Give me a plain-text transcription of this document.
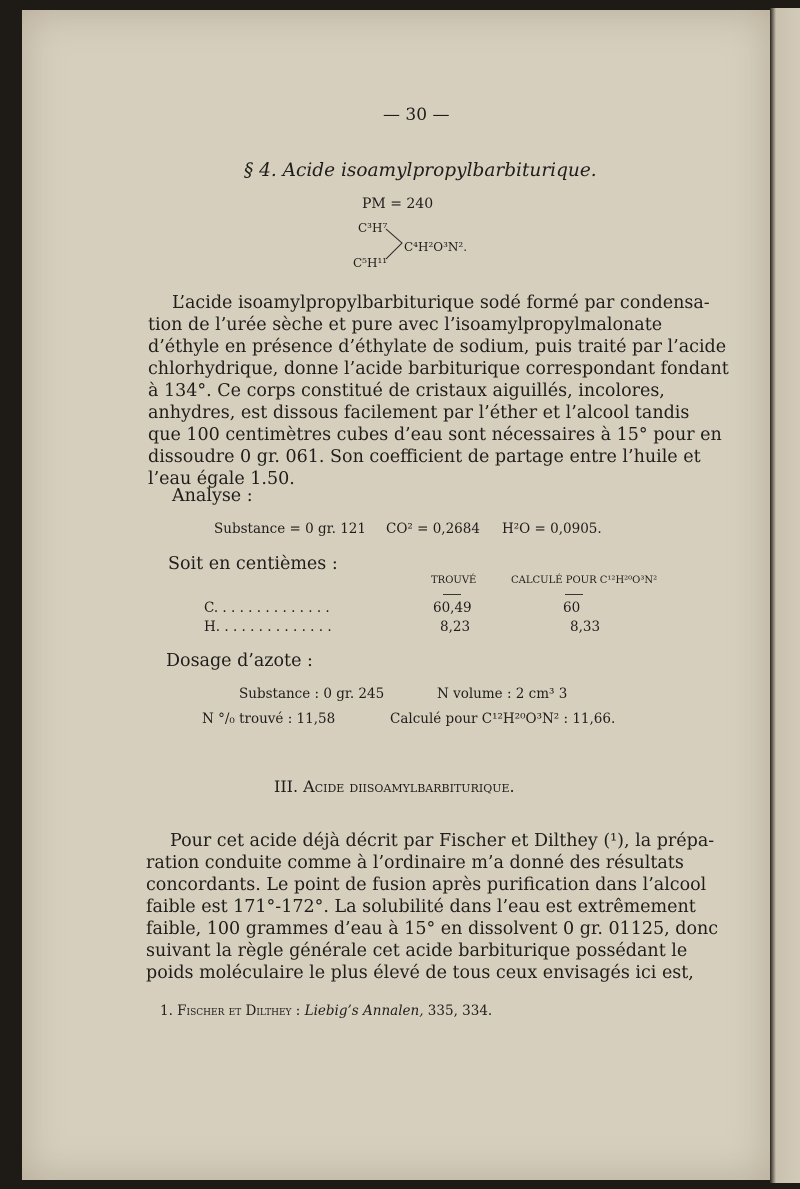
— 30 —
§ 4. Acide isoamylpropylbarbiturique.
PM = 240
C³H⁷
C⁵H¹¹
C⁴H²O³N².
L’acide isoamylpropylbarbiturique sodé formé par condensa-
tion de l’urée sèche et pure avec l’isoamylpropylmalonate
d’éthyle en présence d’éthylate de sodium, puis traité par l’acide
chlorhydrique, donne l’acide barbiturique correspondant fondant
à 134°. Ce corps constitué de cristaux aiguillés, incolores,
anhydres, est dissous facilement par l’éther et l’alcool tandis
que 100 centimètres cubes d’eau sont nécessaires à 15° pour en
dissoudre 0 gr. 061. Son coefficient de partage entre l’huile et
l’eau égale 1.50.
Analyse :
Substance = 0 gr. 121 CO² = 0,2684 H²O = 0,0905.
Soit en centièmes :
TROUVÉ	CALCULÉ POUR C¹²H²⁰O³N²
C. . . . . . . . . . . . . .	60,49	60
H. . . . . . . . . . . . . .	8,23	8,33
Dosage d’azote :
Substance : 0 gr. 245	N volume : 2 cm³ 3
N °/₀ trouvé : 11,58	Calculé pour C¹²H²⁰O³N² : 11,66.
III. Acide diisoamylbarbiturique.
Pour cet acide déjà décrit par Fischer et Dilthey (¹), la prépa-
ration conduite comme à l’ordinaire m’a donné des résultats
concordants. Le point de fusion après purification dans l’alcool
faible est 171°-172°. La solubilité dans l’eau est extrêmement
faible, 100 grammes d’eau à 15° en dissolvent 0 gr. 01125, donc
suivant la règle générale cet acide barbiturique possédant le
poids moléculaire le plus élevé de tous ceux envisagés ici est,
1. Fischer et Dilthey : Liebig’s Annalen, 335, 334.
